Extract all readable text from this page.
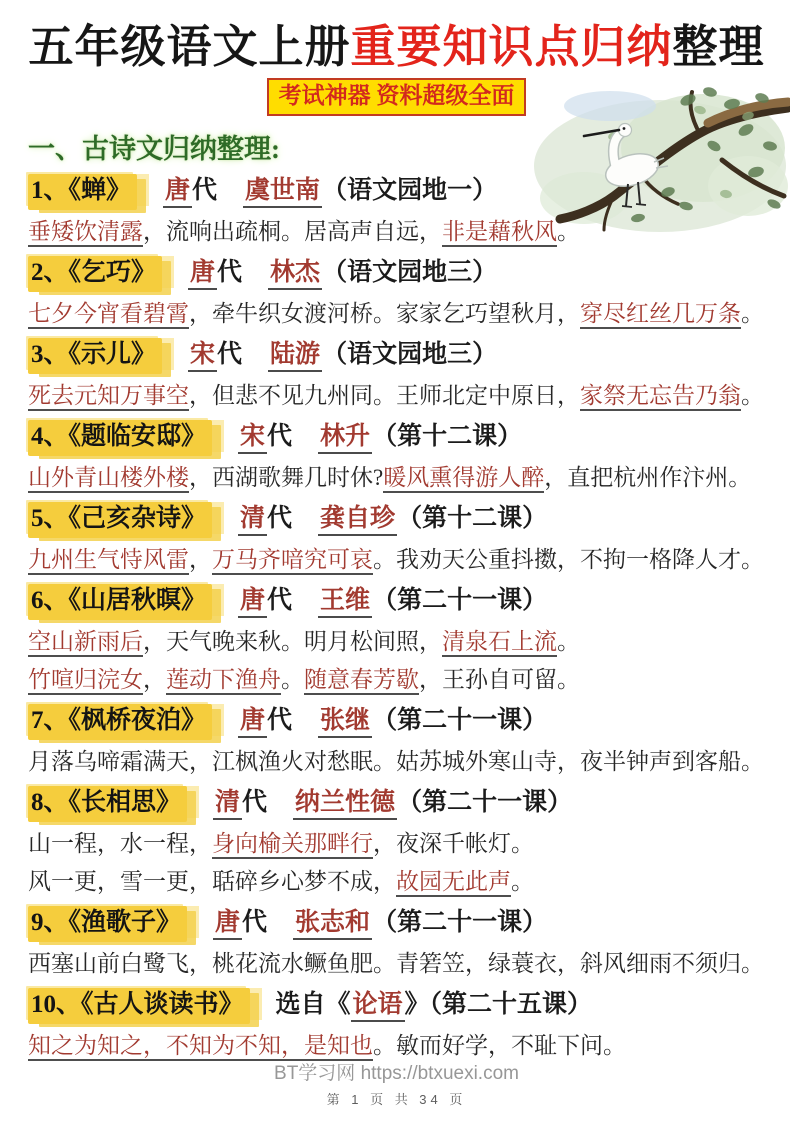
五年级语文上册重要知识点归纳整理
考试神器 资料超级全面
一、古诗文归纳整理:
1、《蝉》 唐代 虞世南（语文园地一）
垂矮饮清露，流响出疏桐。居高声自远，非是藉秋风。
2、《乞巧》 唐代 林杰（语文园地三）
七夕今宵看碧霄，牵牛织女渡河桥。家家乞巧望秋月，穿尽红丝几万条。
3、《示儿》 宋代 陆游（语文园地三）
死去元知万事空，但悲不见九州同。王师北定中原日，家祭无忘告乃翁。
4、《题临安邸》 宋代 林升（第十二课）
山外青山楼外楼，西湖歌舞几时休?暖风熏得游人醉，直把杭州作汴州。
5、《己亥杂诗》 清代 龚自珍（第十二课）
九州生气恃风雷，万马齐喑究可哀。我劝天公重抖擞，不拘一格降人才。
6、《山居秋暝》 唐代 王维（第二十一课）
空山新雨后，天气晚来秋。明月松间照，清泉石上流。
竹喧归浣女，莲动下渔舟。随意春芳歇，王孙自可留。
7、《枫桥夜泊》 唐代 张继（第二十一课）
月落乌啼霜满天，江枫渔火对愁眠。姑苏城外寒山寺，夜半钟声到客船。
8、《长相思》 清代 纳兰性德（第二十一课）
山一程，水一程，身向榆关那畔行，夜深千帐灯。
风一更，雪一更，聒碎乡心梦不成，故园无此声。
9、《渔歌子》 唐代 张志和（第二十一课）
西塞山前白鹭飞，桃花流水鳜鱼肥。青箬笠，绿蓑衣，斜风细雨不须归。
10、《古人谈读书》 选自《论语》（第二十五课）
知之为知之，不知为不知，是知也。敏而好学，不耻下问。
BT学习网 https://btxuexi.com
第 1 页 共 34 页
